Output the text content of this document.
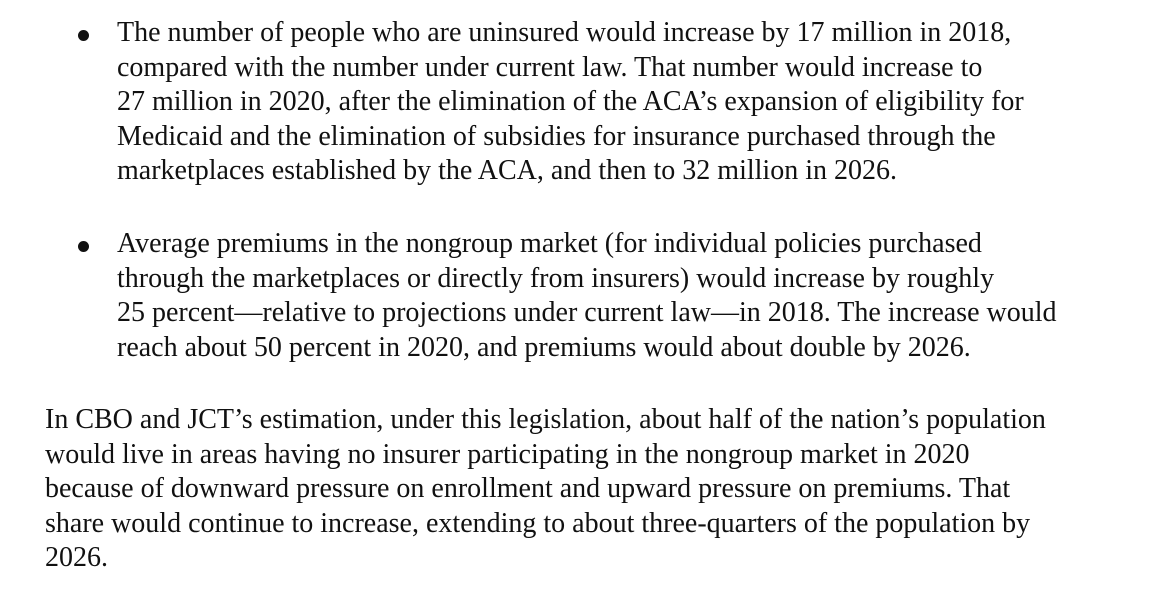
The number of people who are uninsured would increase by 17 million in 2018,
compared with the number under current law. That number would increase to
27 million in 2020, after the elimination of the ACA’s expansion of eligibility for
Medicaid and the elimination of subsidies for insurance purchased through the
marketplaces established by the ACA, and then to 32 million in 2026.

Average premiums in the nongroup market (for individual policies purchased
through the marketplaces or directly from insurers) would increase by roughly
25 percent—relative to projections under current law—in 2018. The increase would
reach about 50 percent in 2020, and premiums would about double by 2026.

In CBO and JCT’s estimation, under this legislation, about half of the nation’s population
would live in areas having no insurer participating in the nongroup market in 2020
because of downward pressure on enrollment and upward pressure on premiums. That
share would continue to increase, extending to about three-quarters of the population by
2026.
